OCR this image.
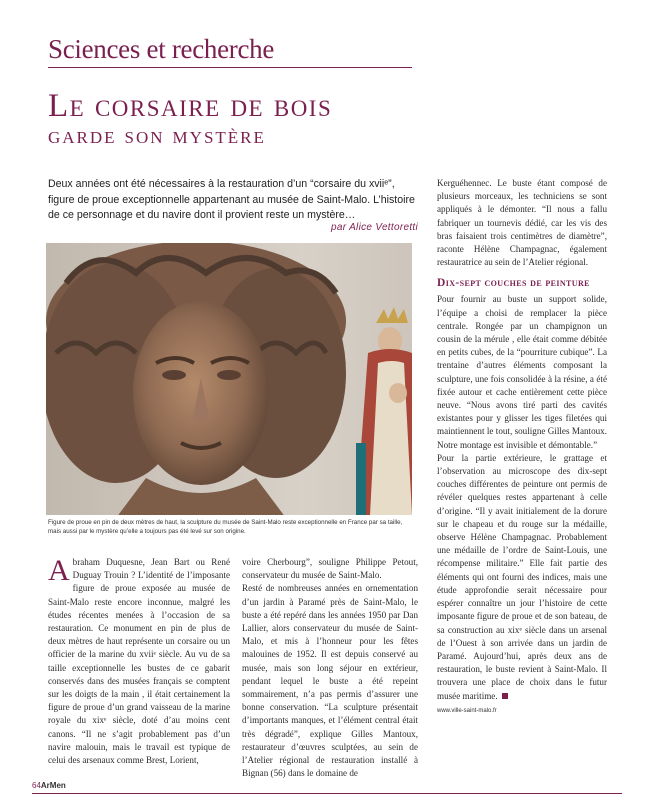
Sciences et recherche
Le corsaire de bois
garde son mystère

Deux années ont été nécessaires à la restauration d’un “corsaire du xviiᵉ”, figure de proue exceptionnelle appartenant au musée de Saint-Malo. L’histoire de ce personnage et du navire dont il provient reste un mystère…

par Alice Vettoretti

Figure de proue en pin de deux mètres de haut, la sculpture du musée de Saint-Malo reste exceptionnelle en France par sa taille, mais aussi par le mystère qu’elle a toujours pas été levé sur son origine.

A braham Duquesne, Jean Bart ou René Duguay Trouin ? L’identité de l’imposante figure de proue exposée au musée de Saint-Malo reste encore inconnue, malgré les études récentes menées à l’occasion de sa restauration. Ce monument en pin de plus de deux mètres de haut représente un corsaire ou un officier de la marine du xviiᵉ siècle. Au vu de sa taille exceptionnelle les bustes de ce gabarit conservés dans des musées français se comptent sur les doigts de la main , il était certainement la figure de proue d’un grand vaisseau de la marine royale du xixᵉ siècle, doté d’au moins cent canons. “Il ne s’agit probablement pas d’un navire malouin, mais le travail est typique de celui des arsenaux comme Brest, Lorient,

voire Cherbourg”, souligne Philippe Petout, conservateur du musée de Saint-Malo.

Resté de nombreuses années en ornementation d’un jardin à Paramé près de Saint-Malo, le buste a été repéré dans les années 1950 par Dan Lallier, alors conservateur du musée de Saint-Malo, et mis à l’honneur pour les fêtes malouines de 1952. Il est depuis conservé au musée, mais son long séjour en extérieur, pendant lequel le buste a été repeint sommairement, n’a pas permis d’assurer une bonne conservation. “La sculpture présentait d’importants manques, et l’élément central était très dégradé”, explique Gilles Mantoux, restaurateur d’œuvres sculptées, au sein de l’Atelier régional de restauration installé à Bignan (56) dans le domaine de

Kerguéhennec. Le buste étant composé de plusieurs morceaux, les techniciens se sont appliqués à le démonter. “Il nous a fallu fabriquer un tournevis dédié, car les vis des bras faisaient trois centimètres de diamètre”, raconte Hélène Champagnac, également restauratrice au sein de l’Atelier régional.

Dix-sept couches de peinture

Pour fournir au buste un support solide, l’équipe a choisi de remplacer la pièce centrale. Rongée par un champignon un cousin de la mérule , elle était comme débitée en petits cubes, de la “pourriture cubique”. La trentaine d’autres éléments composant la sculpture, une fois consolidée à la résine, a été fixée autour et cache entièrement cette pièce neuve. “Nous avons tiré parti des cavités existantes pour y glisser les tiges filetées qui maintiennent le tout, souligne Gilles Mantoux. Notre montage est invisible et démontable.”

Pour la partie extérieure, le grattage et l’observation au microscope des dix-sept couches différentes de peinture ont permis de révéler quelques restes appartenant à celle d’origine. “Il y avait initialement de la dorure sur le chapeau et du rouge sur la médaille, observe Hélène Champagnac. Probablement une médaille de l’ordre de Saint-Louis, une récompense militaire.” Elle fait partie des éléments qui ont fourni des indices, mais une étude approfondie serait nécessaire pour espérer connaître un jour l’histoire de cette imposante figure de proue et de son bateau, de sa construction au xixᵉ siècle dans un arsenal de l’Ouest à son arrivée dans un jardin de Paramé. Aujourd’hui, après deux ans de restauration, le buste revient à Saint-Malo. Il trouvera une place de choix dans le futur musée maritime.

www.ville-saint-malo.fr
64ArMen
